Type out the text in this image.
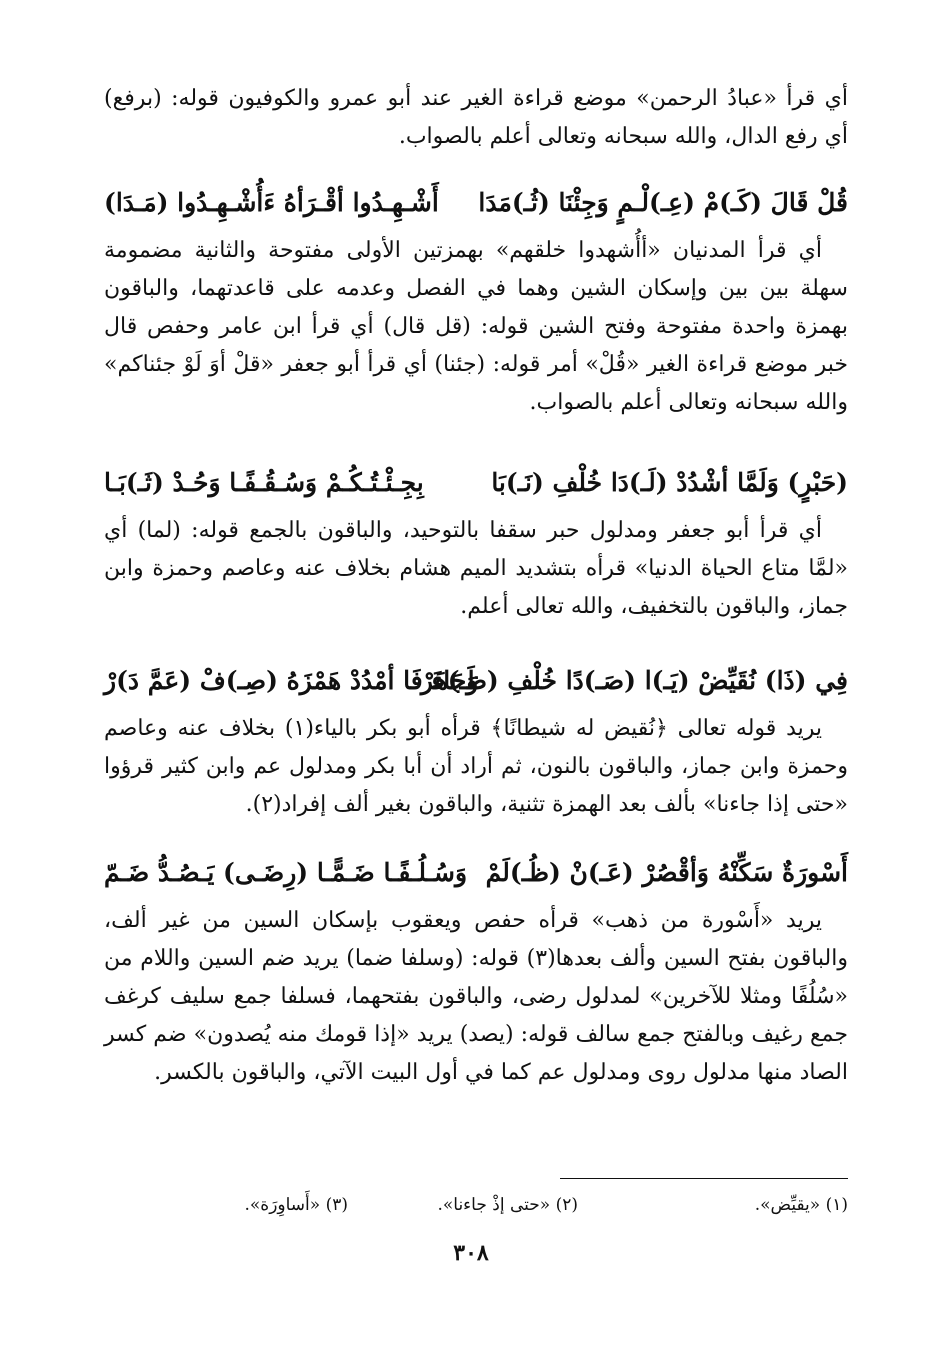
أي قرأ «عبادُ الرحمن» موضع قراءة الغير عند أبو عمرو والكوفيون قوله: (برفع) أي رفع الدال، والله سبحانه وتعالى أعلم بالصواب.

قُلْ قَالَ (كَـ)مْ (عِـ)لْـمٍ وَجِئْنَا (ثُـ)مَدَا
أَشْـهِـدُوا أقْـرَأهُ ءَأُشْـهِـدُوا (مَـدَا)

أي قرأ المدنيان «أأُشهدوا خلقهم» بهمزتين الأولى مفتوحة والثانية مضمومة سهلة بين بين وإسكان الشين وهما في الفصل وعدمه على قاعدتهما، والباقون بهمزة واحدة مفتوحة وفتح الشين قوله: (قل قال) أي قرأ ابن عامر وحفص قال خبر موضع قراءة الغير «قُلْ» أمر قوله: (جئنا) أي قرأ أبو جعفر «قلْ أوَ لَوْ جئناكم» والله سبحانه وتعالى أعلم بالصواب.

(حَبْرٍ) وَلَمَّا أشْدُدْ (لَـ)دَا خُلْفِ (نَـ)بَا
بِجِـئْـتُـكُـمْ وَسُـقُـفًـا وَحُـدْ (ثَـ)بَـا

أي قرأ أبو جعفر ومدلول حبر سقفا بالتوحيد، والباقون بالجمع قوله: (لما) أي «لمَّا متاع الحياة الدنيا» قرأه بتشديد الميم هشام بخلاف عنه وعاصم وحمزة وابن جماز، والباقون بالتخفيف، والله تعالى أعلم.

فِي (ذَا) نُقَيِّضْ (يَـ)ا (صَـ)دًا خُلْفِ (ظَـ)هَرْ
وَجَاءَ فَا أمْدُدْ هَمْزَهُ (صِـ)فْ (عَمَّ دَ)رْ

يريد قوله تعالى ﴿نُقيض له شيطانًا﴾ قرأه أبو بكر بالياء(١) بخلاف عنه وعاصم وحمزة وابن جماز، والباقون بالنون، ثم أراد أن أبا بكر ومدلول عم وابن كثير قرؤوا «حتى إذا جاءنا» بألف بعد الهمزة تثنية، والباقون بغير ألف إفراد(٢).

أَسْورَةٌ سَكِّنْهُ وَأقْصُرْ (عَـ)نْ (ظُـ)لَمْ
وَسُـلُـفًـا ضَـمًّـا (رِضَـى) يَـصُـدُّ ضَـمّ

يريد «أَسْورة من ذهب» قرأه حفص ويعقوب بإسكان السين من غير ألف، والباقون بفتح السين وألف بعدها(٣) قوله: (وسلفا ضما) يريد ضم السين واللام من «سُلُفًا ومثلا للآخرين» لمدلول رضى، والباقون بفتحهما، فسلفا جمع سليف كرغف جمع رغيف وبالفتح جمع سالف قوله: (يصد) يريد «إذا قومك منه يُصدون» ضم كسر الصاد منها مدلول روى ومدلول عم كما في أول البيت الآتي، والباقون بالكسر.

(١) «يقيِّض».
(٢) «حتى إذْ جاءنا».
(٣) «أَساوِرَة».
٣٠٨
